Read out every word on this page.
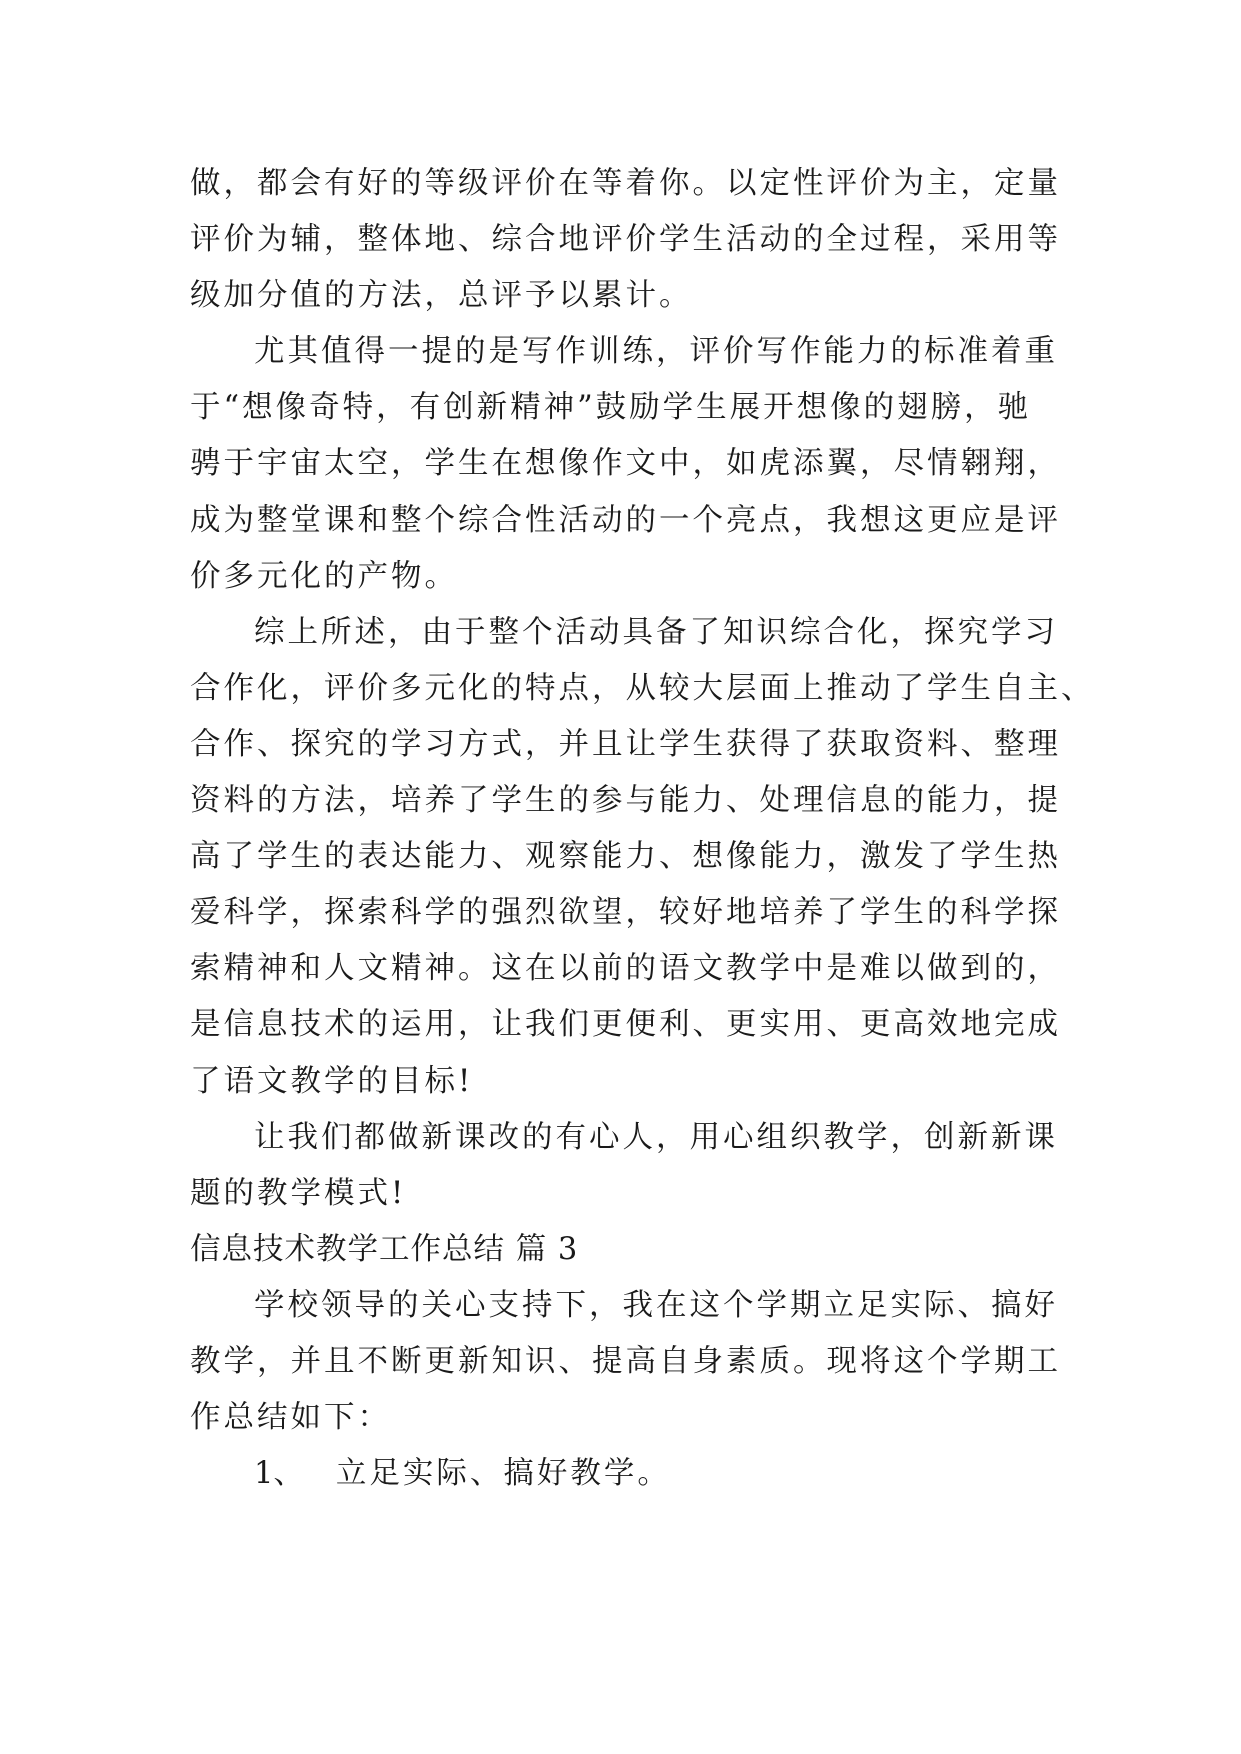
做，都会有好的等级评价在等着你。以定性评价为主，定量
评价为辅，整体地、综合地评价学生活动的全过程，采用等
级加分值的方法，总评予以累计。
尤其值得一提的是写作训练，评价写作能力的标准着重
于“想像奇特，有创新精神”鼓励学生展开想像的翅膀，驰
骋于宇宙太空，学生在想像作文中，如虎添翼，尽情翱翔，
成为整堂课和整个综合性活动的一个亮点，我想这更应是评
价多元化的产物。
综上所述，由于整个活动具备了知识综合化，探究学习
合作化，评价多元化的特点，从较大层面上推动了学生自主、
合作、探究的学习方式，并且让学生获得了获取资料、整理
资料的方法，培养了学生的参与能力、处理信息的能力，提
高了学生的表达能力、观察能力、想像能力，激发了学生热
爱科学，探索科学的强烈欲望，较好地培养了学生的科学探
索精神和人文精神。这在以前的语文教学中是难以做到的，
是信息技术的运用，让我们更便利、更实用、更高效地完成
了语文教学的目标!
让我们都做新课改的有心人，用心组织教学，创新新课
题的教学模式!
信息技术教学工作总结 篇 3
学校领导的关心支持下，我在这个学期立足实际、搞好
教学，并且不断更新知识、提高自身素质。现将这个学期工
作总结如下：
1、 立足实际、搞好教学。
